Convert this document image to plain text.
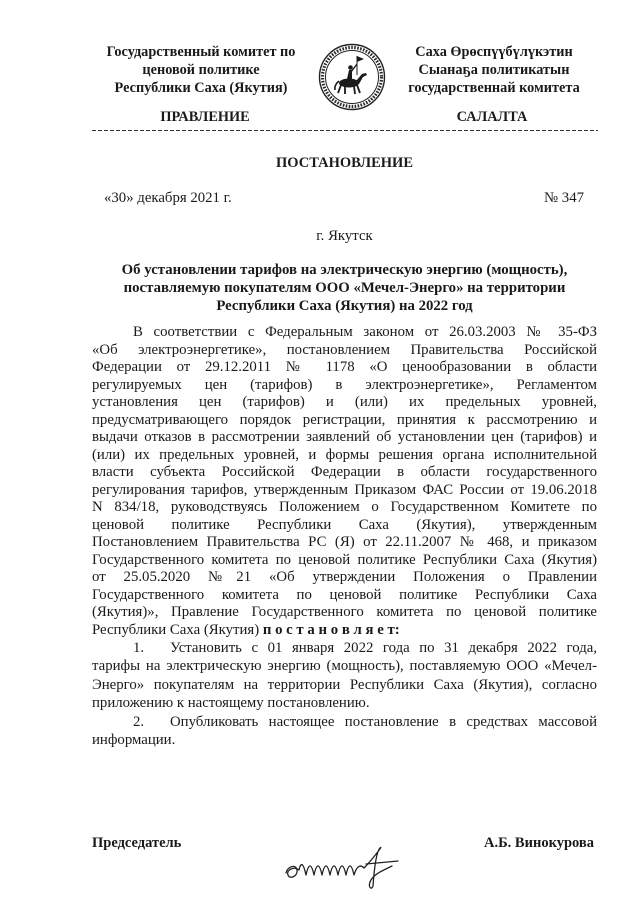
Государственный комитет по
ценовой политике
Республики Саха (Якутия)
Саха Өрөспүүбүлүкэтин
Сыанаҕа политикатын
государственнай комитета
ПРАВЛЕНИЕ	САЛАЛТА
ПОСТАНОВЛЕНИЕ
«30» декабря 2021 г.	№ 347
г. Якутск
Об установлении тарифов на электрическую энергию (мощность),
поставляемую покупателям ООО «Мечел-Энерго» на территории
Республики Саха (Якутия) на 2022 год
В соответствии с Федеральным законом от 26.03.2003 № 35-ФЗ
«Об электроэнергетике», постановлением Правительства Российской
Федерации от 29.12.2011 № 1178 «О ценообразовании в области
регулируемых цен (тарифов) в электроэнергетике», Регламентом
установления цен (тарифов) и (или) их предельных уровней,
предусматривающего порядок регистрации, принятия к рассмотрению и
выдачи отказов в рассмотрении заявлений об установлении цен (тарифов) и
(или) их предельных уровней, и формы решения органа исполнительной
власти субъекта Российской Федерации в области государственного
регулирования тарифов, утвержденным Приказом ФАС России от 19.06.2018
N 834/18, руководствуясь Положением о Государственном Комитете по
ценовой политике Республики Саха (Якутия), утвержденным
Постановлением Правительства РС (Я) от 22.11.2007 № 468, и приказом
Государственного комитета по ценовой политике Республики Саха (Якутия)
от 25.05.2020 №21 «Об утверждении Положения о Правлении
Государственного комитета по ценовой политике Республики Саха
(Якутия)», Правление Государственного комитета по ценовой политике
Республики Саха (Якутия) п о с т а н о в л я е т:
1.	Установить с 01 января 2022 года по 31 декабря 2022 года,
тарифы на электрическую энергию (мощность), поставляемую ООО «Мечел-
Энерго» покупателям на территории Республики Саха (Якутия), согласно
приложению к настоящему постановлению.
2.	Опубликовать настоящее постановление в средствах массовой
информации.
Председатель	А.Б. Винокурова
